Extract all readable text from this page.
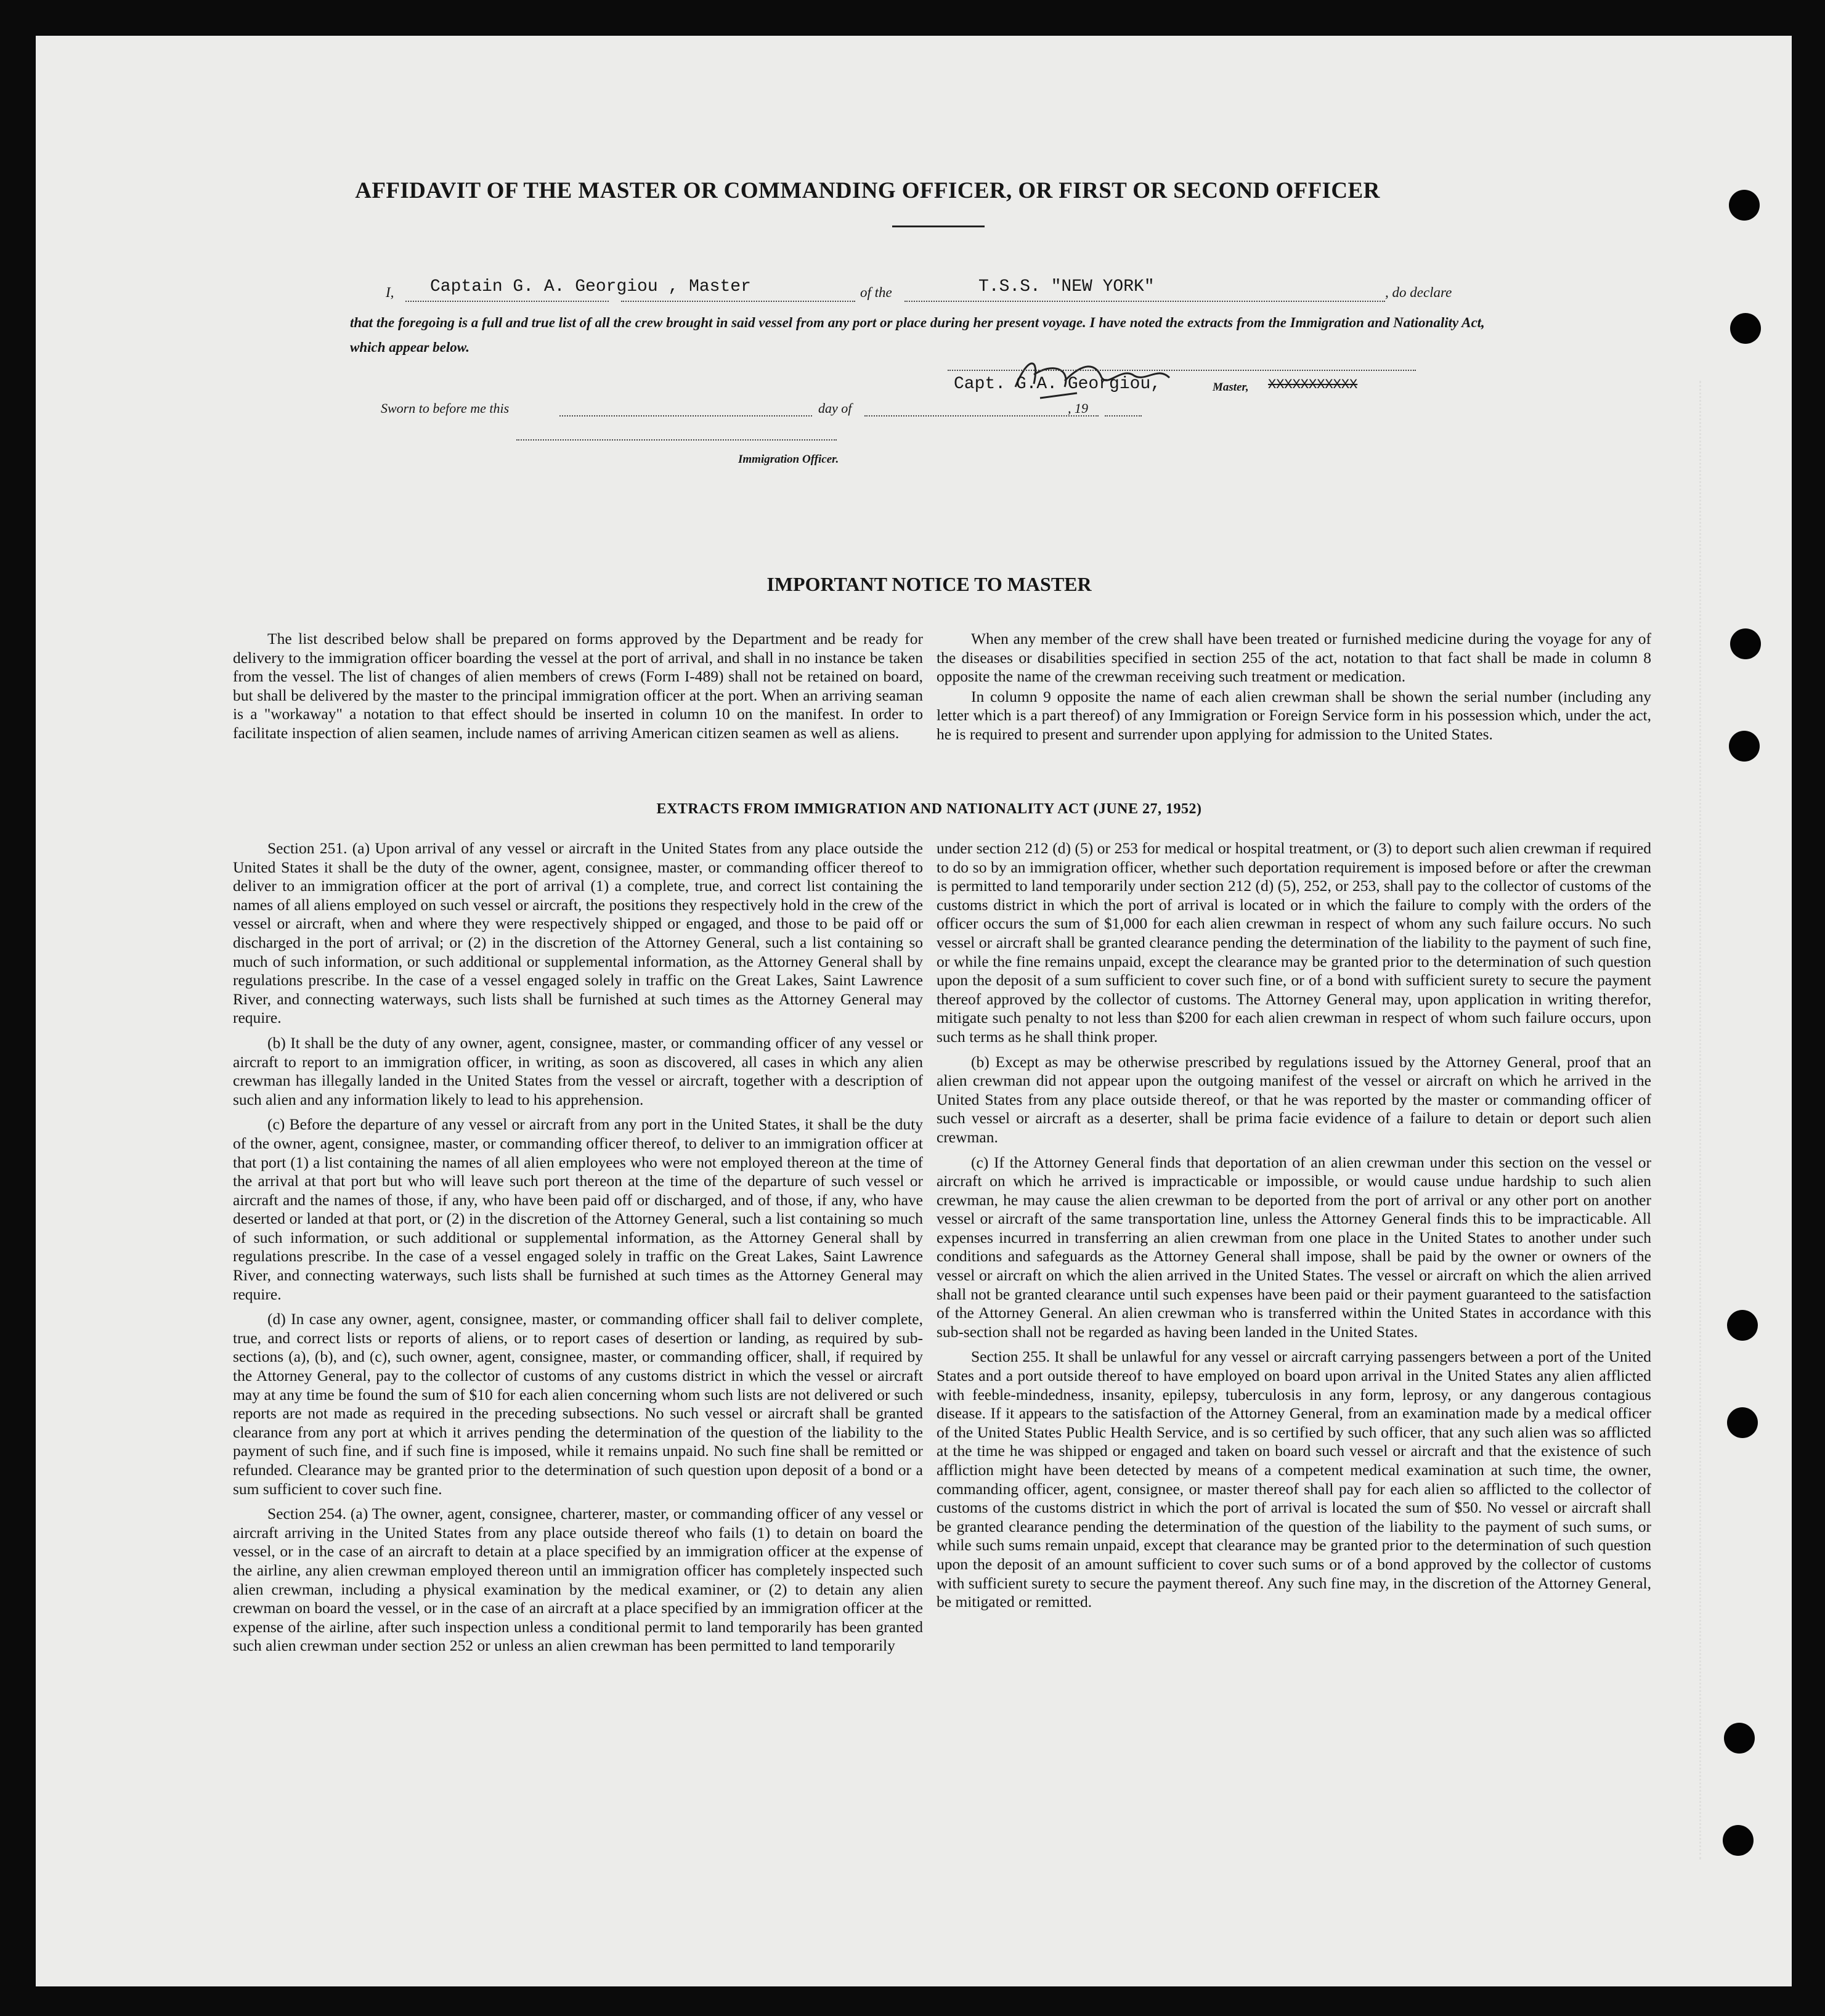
AFFIDAVIT OF THE MASTER OR COMMANDING OFFICER, OR FIRST OR SECOND OFFICER
I, Captain G. A. Georgiou , Master	of the	T.S.S. "NEW YORK"	, do declare
that the foregoing is a full and true list of all the crew brought in said vessel from any port or place during her present voyage. I have noted the extracts from the Immigration and Nationality Act, which appear below.
Capt. G.A. Georgiou,	Master, XXXXXXXXXXX
Sworn to before me this	day of	, 19
Immigration Officer.
IMPORTANT NOTICE TO MASTER

The list described below shall be prepared on forms approved by the Department and be ready for delivery to the immigration officer boarding the vessel at the port of arrival, and shall in no instance be taken from the vessel. The list of changes of alien members of crews (Form I-489) shall not be retained on board, but shall be delivered by the master to the principal immigration officer at the port. When an arriving seaman is a "workaway" a notation to that effect should be inserted in column 10 on the manifest. In order to facilitate inspection of alien seamen, include names of arriving American citizen seamen as well as aliens.

When any member of the crew shall have been treated or furnished medicine during the voyage for any of the diseases or disabilities specified in section 255 of the act, notation to that fact shall be made in column 8 opposite the name of the crewman receiving such treatment or medication.

In column 9 opposite the name of each alien crewman shall be shown the serial number (including any letter which is a part thereof) of any Immigration or Foreign Service form in his possession which, under the act, he is required to present and surrender upon applying for admission to the United States.

EXTRACTS FROM IMMIGRATION AND NATIONALITY ACT (JUNE 27, 1952)

Section 251. (a) Upon arrival of any vessel or aircraft in the United States from any place outside the United States it shall be the duty of the owner, agent, consignee, master, or commanding officer thereof to deliver to an immigration officer at the port of arrival (1) a complete, true, and correct list containing the names of all aliens employed on such vessel or aircraft, the positions they respectively hold in the crew of the vessel or aircraft, when and where they were respectively shipped or engaged, and those to be paid off or discharged in the port of arrival; or (2) in the discretion of the Attorney General, such a list containing so much of such information, or such additional or supplemental information, as the Attorney General shall by regulations prescribe. In the case of a vessel engaged solely in traffic on the Great Lakes, Saint Lawrence River, and connecting waterways, such lists shall be furnished at such times as the Attorney General may require.

(b) It shall be the duty of any owner, agent, consignee, master, or commanding officer of any vessel or aircraft to report to an immigration officer, in writing, as soon as discovered, all cases in which any alien crewman has illegally landed in the United States from the vessel or aircraft, together with a description of such alien and any information likely to lead to his apprehension.

(c) Before the departure of any vessel or aircraft from any port in the United States, it shall be the duty of the owner, agent, consignee, master, or commanding officer thereof, to deliver to an immigration officer at that port (1) a list containing the names of all alien employees who were not employed thereon at the time of the arrival at that port but who will leave such port thereon at the time of the departure of such vessel or aircraft and the names of those, if any, who have been paid off or discharged, and of those, if any, who have deserted or landed at that port, or (2) in the discretion of the Attorney General, such a list containing so much of such information, or such additional or supplemental information, as the Attorney General shall by regulations prescribe. In the case of a vessel engaged solely in traffic on the Great Lakes, Saint Lawrence River, and connecting waterways, such lists shall be furnished at such times as the Attorney General may require.

(d) In case any owner, agent, consignee, master, or commanding officer shall fail to deliver complete, true, and correct lists or reports of aliens, or to report cases of desertion or landing, as required by sub-sections (a), (b), and (c), such owner, agent, consignee, master, or commanding officer, shall, if required by the Attorney General, pay to the collector of customs of any customs district in which the vessel or aircraft may at any time be found the sum of $10 for each alien concerning whom such lists are not delivered or such reports are not made as required in the preceding subsections. No such vessel or aircraft shall be granted clearance from any port at which it arrives pending the determination of the question of the liability to the payment of such fine, and if such fine is imposed, while it remains unpaid. No such fine shall be remitted or refunded. Clearance may be granted prior to the determination of such question upon deposit of a bond or a sum sufficient to cover such fine.

Section 254. (a) The owner, agent, consignee, charterer, master, or commanding officer of any vessel or aircraft arriving in the United States from any place outside thereof who fails (1) to detain on board the vessel, or in the case of an aircraft to detain at a place specified by an immigration officer at the expense of the airline, any alien crewman employed thereon until an immigration officer has completely inspected such alien crewman, including a physical examination by the medical examiner, or (2) to detain any alien crewman on board the vessel, or in the case of an aircraft at a place specified by an immigration officer at the expense of the airline, after such inspection unless a conditional permit to land temporarily has been granted such alien crewman under section 252 or unless an alien crewman has been permitted to land temporarily

under section 212 (d) (5) or 253 for medical or hospital treatment, or (3) to deport such alien crewman if required to do so by an immigration officer, whether such deportation requirement is imposed before or after the crewman is permitted to land temporarily under section 212 (d) (5), 252, or 253, shall pay to the collector of customs of the customs district in which the port of arrival is located or in which the failure to comply with the orders of the officer occurs the sum of $1,000 for each alien crewman in respect of whom any such failure occurs. No such vessel or aircraft shall be granted clearance pending the determination of the liability to the payment of such fine, or while the fine remains unpaid, except the clearance may be granted prior to the determination of such question upon the deposit of a sum sufficient to cover such fine, or of a bond with sufficient surety to secure the payment thereof approved by the collector of customs. The Attorney General may, upon application in writing therefor, mitigate such penalty to not less than $200 for each alien crewman in respect of whom such failure occurs, upon such terms as he shall think proper.

(b) Except as may be otherwise prescribed by regulations issued by the Attorney General, proof that an alien crewman did not appear upon the outgoing manifest of the vessel or aircraft on which he arrived in the United States from any place outside thereof, or that he was reported by the master or commanding officer of such vessel or aircraft as a deserter, shall be prima facie evidence of a failure to detain or deport such alien crewman.

(c) If the Attorney General finds that deportation of an alien crewman under this section on the vessel or aircraft on which he arrived is impracticable or impossible, or would cause undue hardship to such alien crewman, he may cause the alien crewman to be deported from the port of arrival or any other port on another vessel or aircraft of the same transportation line, unless the Attorney General finds this to be impracticable. All expenses incurred in transferring an alien crewman from one place in the United States to another under such conditions and safeguards as the Attorney General shall impose, shall be paid by the owner or owners of the vessel or aircraft on which the alien arrived in the United States. The vessel or aircraft on which the alien arrived shall not be granted clearance until such expenses have been paid or their payment guaranteed to the satisfaction of the Attorney General. An alien crewman who is transferred within the United States in accordance with this sub-section shall not be regarded as having been landed in the United States.

Section 255. It shall be unlawful for any vessel or aircraft carrying passengers between a port of the United States and a port outside thereof to have employed on board upon arrival in the United States any alien afflicted with feeble-mindedness, insanity, epilepsy, tuberculosis in any form, leprosy, or any dangerous contagious disease. If it appears to the satisfaction of the Attorney General, from an examination made by a medical officer of the United States Public Health Service, and is so certified by such officer, that any such alien was so afflicted at the time he was shipped or engaged and taken on board such vessel or aircraft and that the existence of such affliction might have been detected by means of a competent medical examination at such time, the owner, commanding officer, agent, consignee, or master thereof shall pay for each alien so afflicted to the collector of customs of the customs district in which the port of arrival is located the sum of $50. No vessel or aircraft shall be granted clearance pending the determination of the question of the liability to the payment of such sums, or while such sums remain unpaid, except that clearance may be granted prior to the determination of such question upon the deposit of an amount sufficient to cover such sums or of a bond approved by the collector of customs with sufficient surety to secure the payment thereof. Any such fine may, in the discretion of the Attorney General, be mitigated or remitted.
